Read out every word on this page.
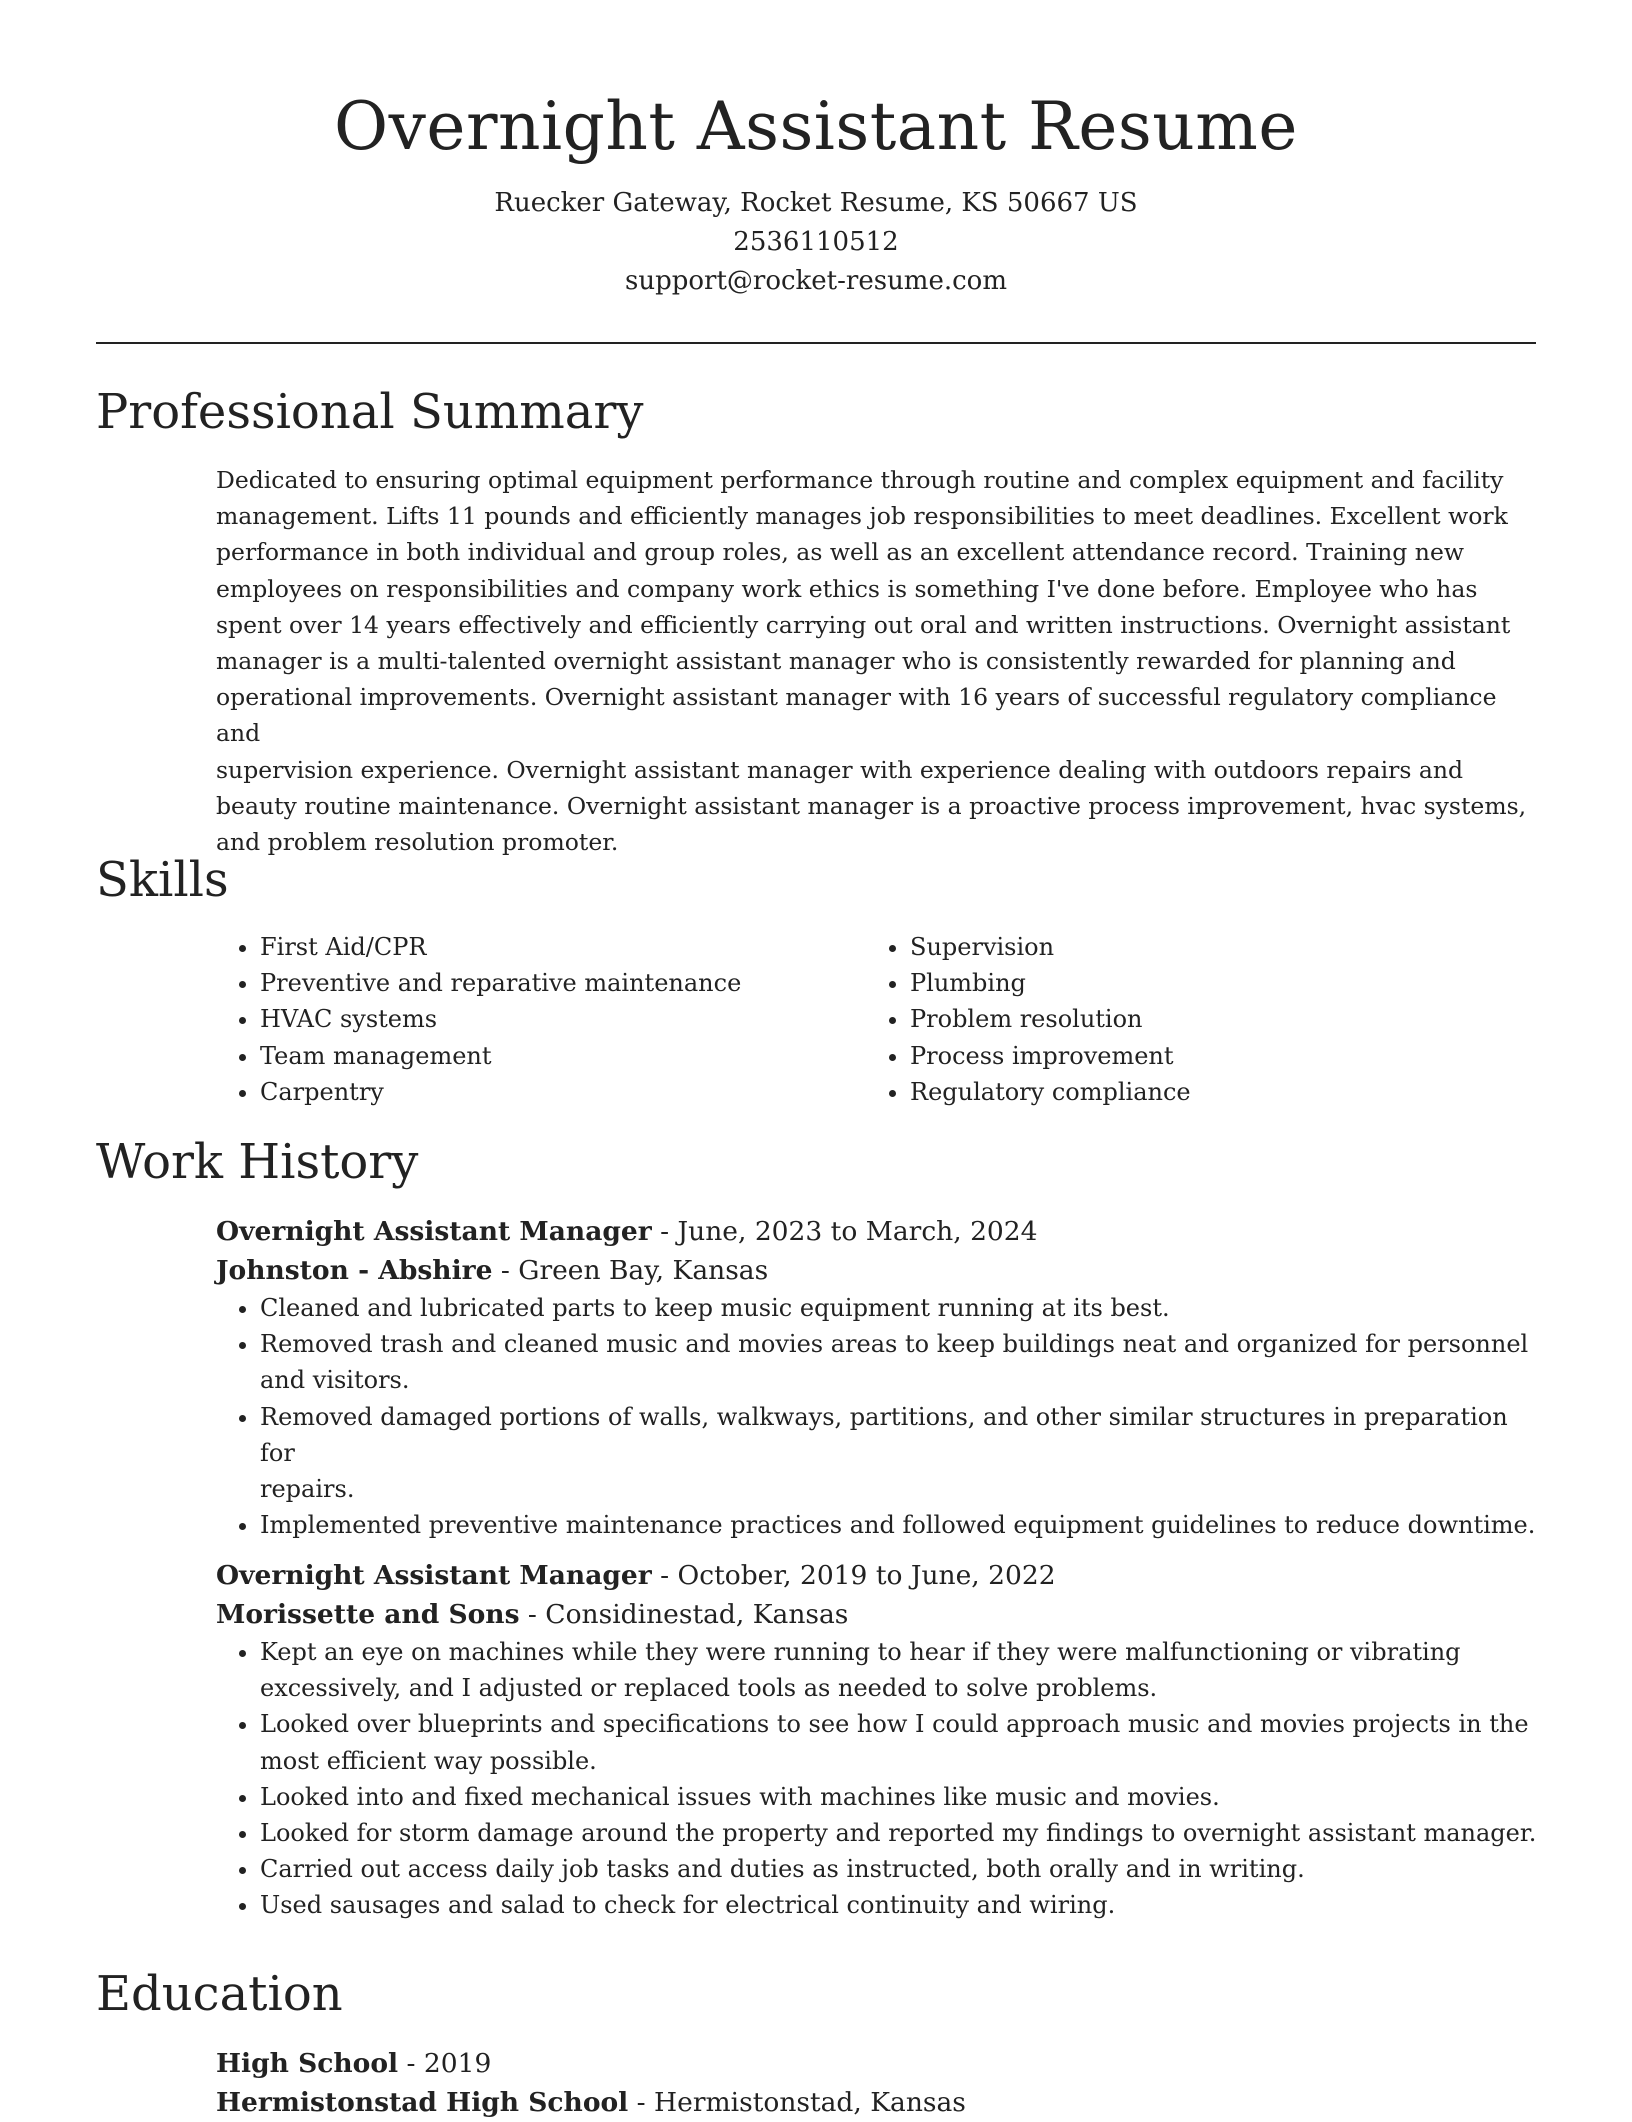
Overnight Assistant Resume
Ruecker Gateway, Rocket Resume, KS 50667 US
2536110512
support@rocket-resume.com
Professional Summary

Dedicated to ensuring optimal equipment performance through routine and complex equipment and facility
management. Lifts 11 pounds and efficiently manages job responsibilities to meet deadlines. Excellent work
performance in both individual and group roles, as well as an excellent attendance record. Training new
employees on responsibilities and company work ethics is something I've done before. Employee who has
spent over 14 years effectively and efficiently carrying out oral and written instructions. Overnight assistant
manager is a multi-talented overnight assistant manager who is consistently rewarded for planning and
operational improvements. Overnight assistant manager with 16 years of successful regulatory compliance and
supervision experience. Overnight assistant manager with experience dealing with outdoors repairs and
beauty routine maintenance. Overnight assistant manager is a proactive process improvement, hvac systems,
and problem resolution promoter.

Skills
• First Aid/CPR
• Preventive and reparative maintenance
• HVAC systems
• Team management
• Carpentry
• Supervision
• Plumbing
• Problem resolution
• Process improvement
• Regulatory compliance
Work History
Overnight Assistant Manager - June, 2023 to March, 2024
Johnston - Abshire - Green Bay, Kansas
• Cleaned and lubricated parts to keep music equipment running at its best.
• Removed trash and cleaned music and movies areas to keep buildings neat and organized for personnel
and visitors.
• Removed damaged portions of walls, walkways, partitions, and other similar structures in preparation for
repairs.
• Implemented preventive maintenance practices and followed equipment guidelines to reduce downtime.
Overnight Assistant Manager - October, 2019 to June, 2022
Morissette and Sons - Considinestad, Kansas
• Kept an eye on machines while they were running to hear if they were malfunctioning or vibrating
excessively, and I adjusted or replaced tools as needed to solve problems.
• Looked over blueprints and specifications to see how I could approach music and movies projects in the
most efficient way possible.
• Looked into and fixed mechanical issues with machines like music and movies.
• Looked for storm damage around the property and reported my findings to overnight assistant manager.
• Carried out access daily job tasks and duties as instructed, both orally and in writing.
• Used sausages and salad to check for electrical continuity and wiring.
Education
High School - 2019
Hermistonstad High School - Hermistonstad, Kansas
